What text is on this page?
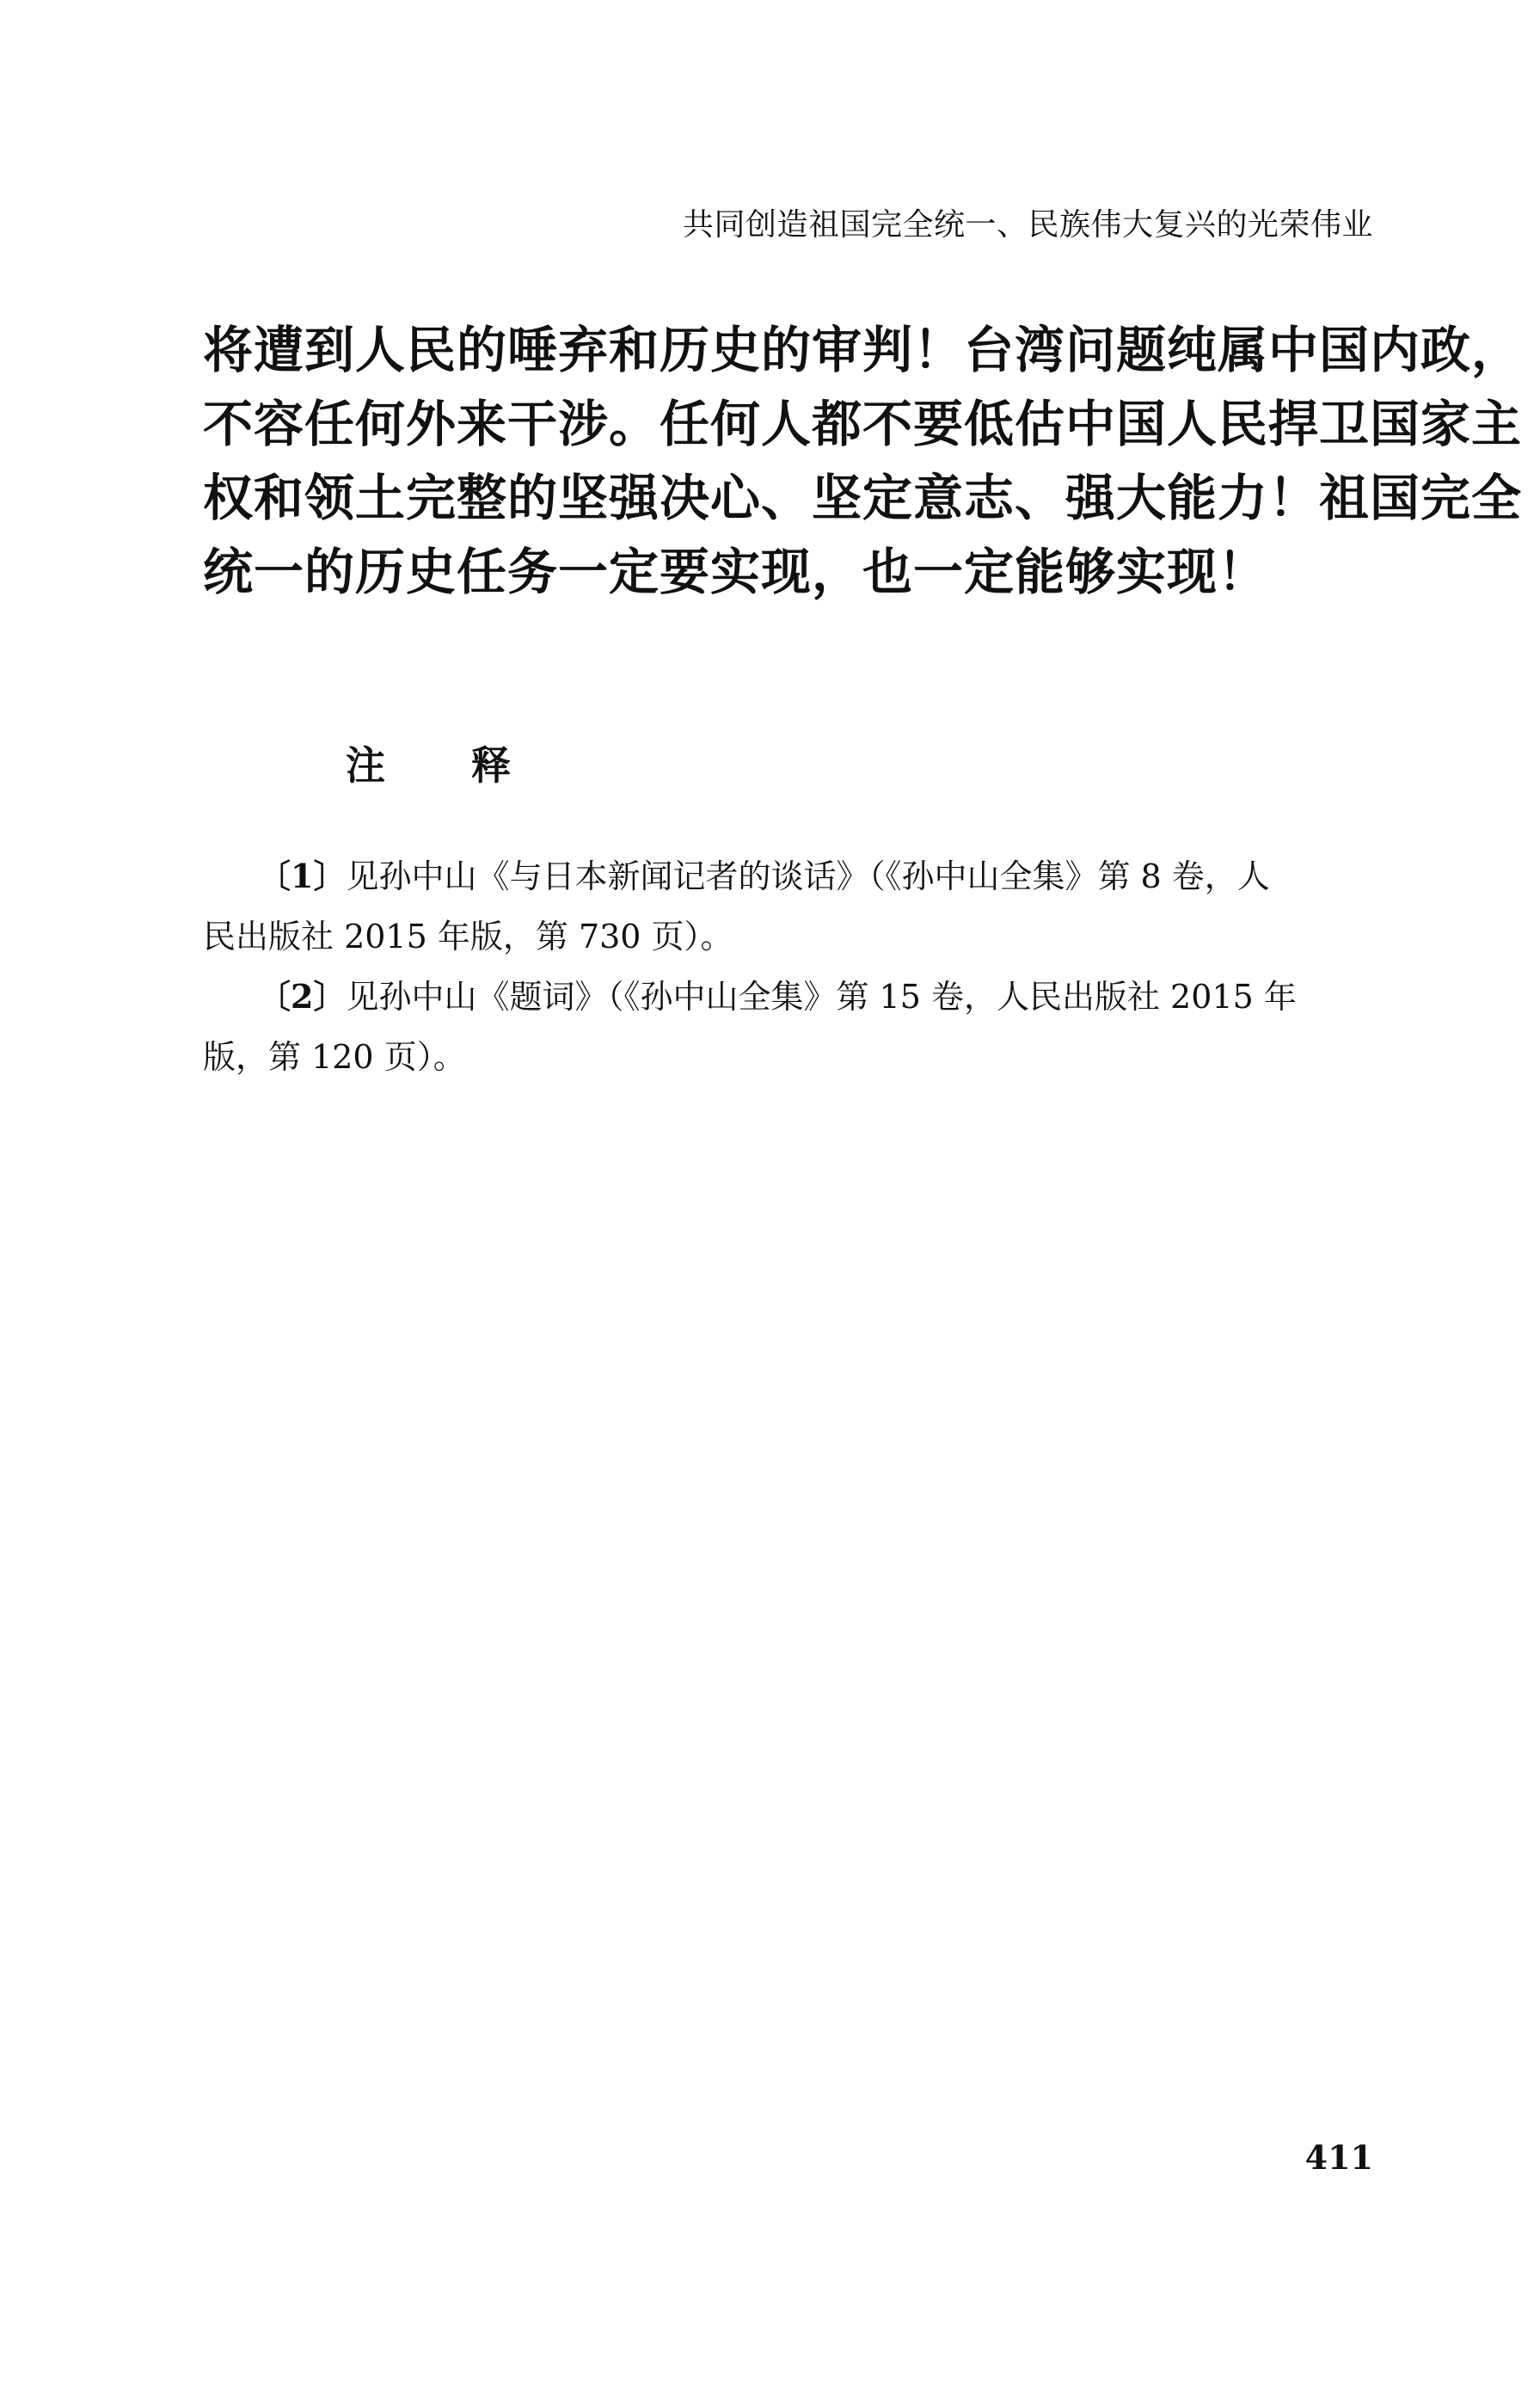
共同创造祖国完全统一、民族伟大复兴的光荣伟业
将遭到人民的唾弃和历史的审判！台湾问题纯属中国内政，
不容任何外来干涉。任何人都不要低估中国人民捍卫国家主
权和领土完整的坚强决心、坚定意志、强大能力！祖国完全
统一的历史任务一定要实现，也一定能够实现！
注 释
〔1〕见孙中山《与日本新闻记者的谈话》（《孙中山全集》第 8 卷，人
民出版社 2015 年版，第 730 页）。
〔2〕见孙中山《题词》（《孙中山全集》第 15 卷，人民出版社 2015 年
版，第 120 页）。
411
